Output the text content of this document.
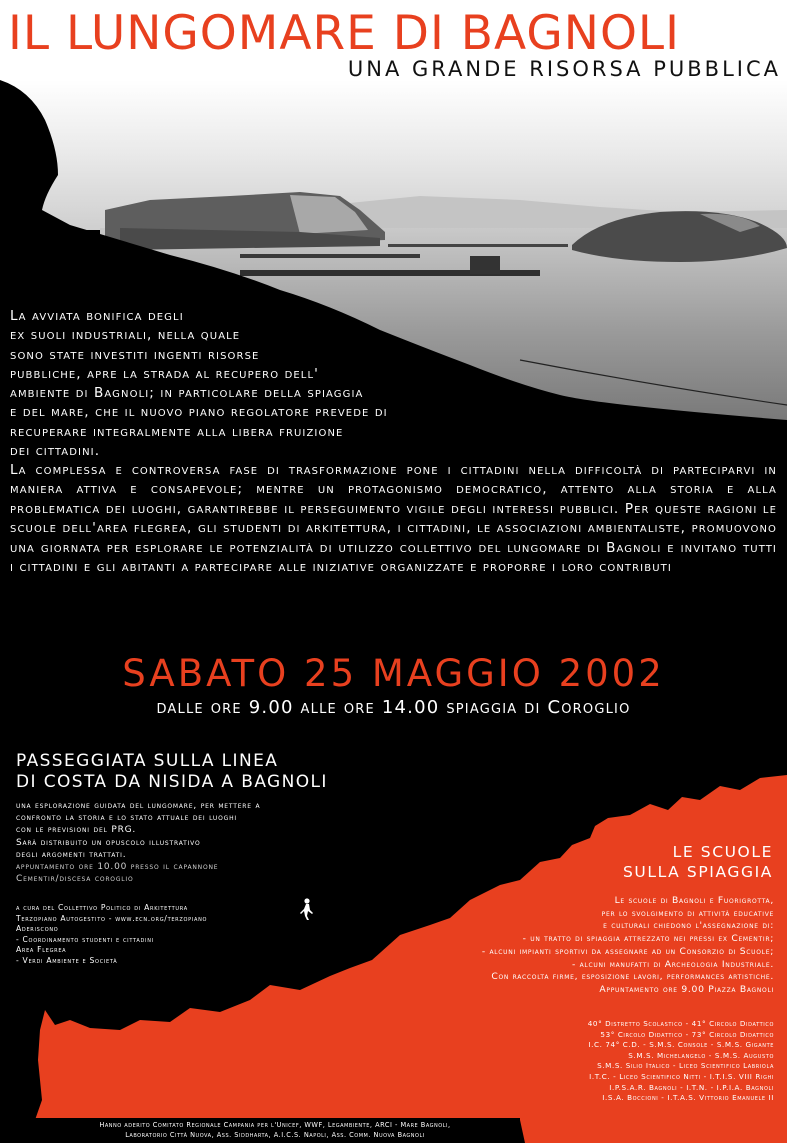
IL LUNGOMARE DI BAGNOLI
UNA GRANDE RISORSA PUBBLICA
La avviata bonifica degli
ex suoli industriali, nella quale
sono state investiti ingenti risorse
pubbliche, apre la strada al recupero dell'
ambiente di Bagnoli; in particolare della spiaggia
e del mare, che il nuovo piano regolatore prevede di
recuperare integralmente alla libera fruizione
dei cittadini.
La complessa e controversa fase di trasformazione pone i cittadini nella difficoltà di parteciparvi in maniera attiva e consapevole; mentre un protagonismo democratico, attento alla storia e alla problematica dei luoghi, garantirebbe il perseguimento vigile degli interessi pubblici. Per queste ragioni le scuole dell'area flegrea, gli studenti di arkitettura, i cittadini, le associazioni ambientaliste, promuovono una giornata per esplorare le potenzialità di utilizzo collettivo del lungomare di Bagnoli e invitano tutti i cittadini e gli abitanti a partecipare alle iniziative organizzate e proporre i loro contributi
SABATO 25 MAGGIO 2002
dalle ore 9.00 alle ore 14.00 spiaggia di Coroglio
PASSEGGIATA SULLA LINEA
DI COSTA DA NISIDA A BAGNOLI
una esplorazione guidata del lungomare, per mettere a
confronto la storia e lo stato attuale dei luoghi
con le previsioni del PRG.
Sarà distribuito un opuscolo illustrativo
degli argomenti trattati.
appuntamento ore 10.00 presso il capannone
Cementir/discesa coroglio
a cura del Collettivo Politico di Arkitettura
Terzopiano Autogestito - www.ecn.org/terzopiano
Aderiscono
- Coordinamento studenti e cittadini
Area Flegrea
- Verdi Ambiente e Società
LE SCUOLE
SULLA SPIAGGIA
Le scuole di Bagnoli e Fuorigrotta,
per lo svolgimento di attività educative
e culturali chiedono l'assegnazione di:
- un tratto di spiaggia attrezzato nei pressi ex Cementir;
- alcuni impianti sportivi da assegnare ad un Consorzio di Scuole;
- alcuni manufatti di Archeologia Industriale.
Con raccolta firme, esposizione lavori, performances artistiche.
Appuntamento ore 9.00 Piazza Bagnoli
40° Distretto Scolastico - 41° Circolo Didattico
53° Circolo Didattico - 73° Circolo Didattico
I.C. 74° C.D. - S.M.S. Console - S.M.S. Gigante
S.M.S. Michelangelo - S.M.S. Augusto
S.M.S. Silio Italico - Liceo Scientifico Labriola
I.T.C. - Liceo Scientifico Nitti - I.T.I.S. VIII Righi
I.P.S.A.R. Bagnoli - I.T.N. - I.P.I.A. Bagnoli
I.S.A. Boccioni - I.T.A.S. Vittorio Emanuele II
Hanno aderito Comitato Regionale Campania per l'Unicef, WWF, Legambiente, ARCI - Mare Bagnoli,
Laboratorio Città Nuova, Ass. Siddharta, A.I.C.S. Napoli, Ass. Comm. Nuova Bagnoli
